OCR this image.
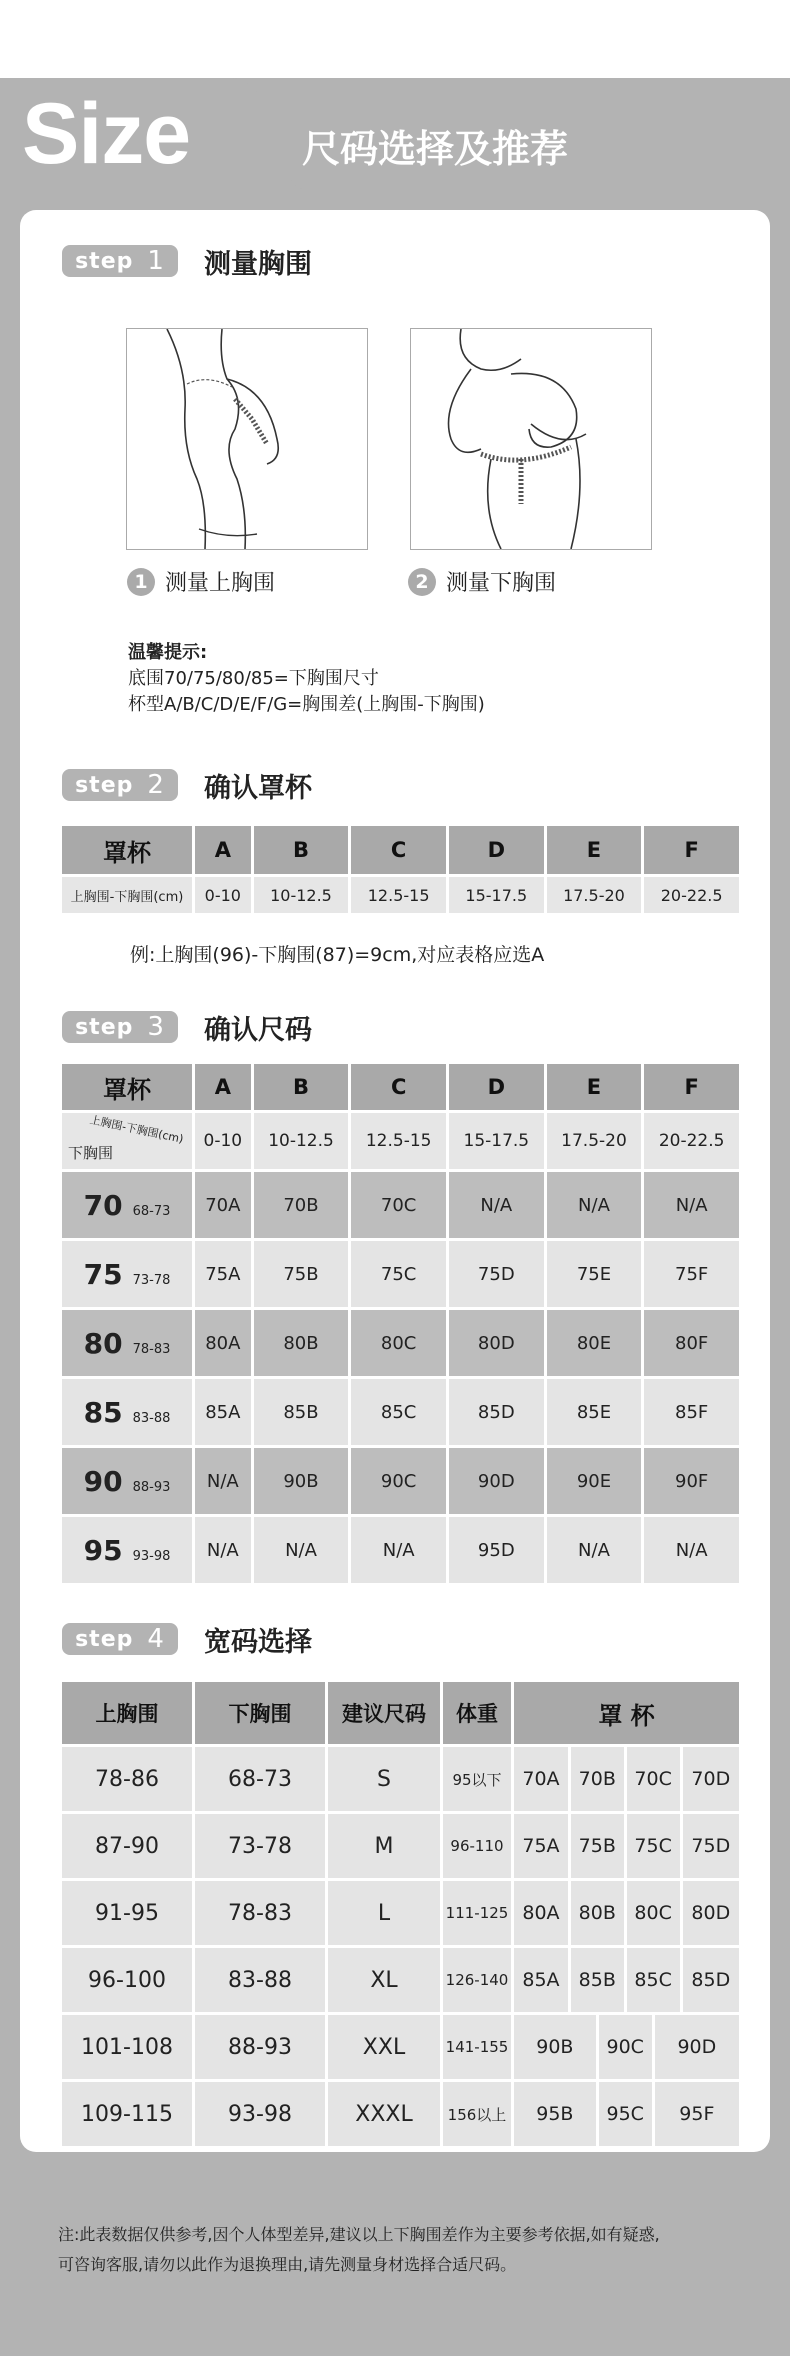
Size	尺码选择及推荐
step 1 测量胸围
1 测量上胸围	2 测量下胸围
温馨提示:
底围70/75/80/85=下胸围尺寸
杯型A/B/C/D/E/F/G=胸围差(上胸围-下胸围)
step 2 确认罩杯
罩杯	A	B	C	D	E	F
上胸围-下胸围(cm)	0-10	10-12.5	12.5-15	15-17.5	17.5-20	20-22.5
例:上胸围(96)-下胸围(87)=9cm,对应表格应选A
step 3 确认尺码
罩杯	A	B	C	D	E	F

上胸围-下胸围(cm)
下胸围	0-10	10-12.5	12.5-15	15-17.5	17.5-20	20-22.5
70 68-73	70A	70B	70C	N/A	N/A	N/A
75 73-78	75A	75B	75C	75D	75E	75F
80 78-83	80A	80B	80C	80D	80E	80F
85 83-88	85A	85B	85C	85D	85E	85F
90 88-93	N/A	90B	90C	90D	90E	90F
95 93-98	N/A	N/A	N/A	95D	N/A	N/A
step 4 宽码选择
上胸围	下胸围	建议尺码	体重	罩 杯					
78-86	68-73	S	95以下	70A	70B		70C		70D
87-90	73-78	M	96-110	75A	75B		75C		75D
91-95	78-83	L	111-125	80A	80B		80C		80D
96-100	83-88	XL	126-140	85A	85B		85C		85D
101-108	88-93	XXL	141-155	90B		90C		90D	
109-115	93-98	XXXL	156以上	95B		95C		95F	
注:此表数据仅供参考,因个人体型差异,建议以上下胸围差作为主要参考依据,如有疑惑,
可咨询客服,请勿以此作为退换理由,请先测量身材选择合适尺码。
